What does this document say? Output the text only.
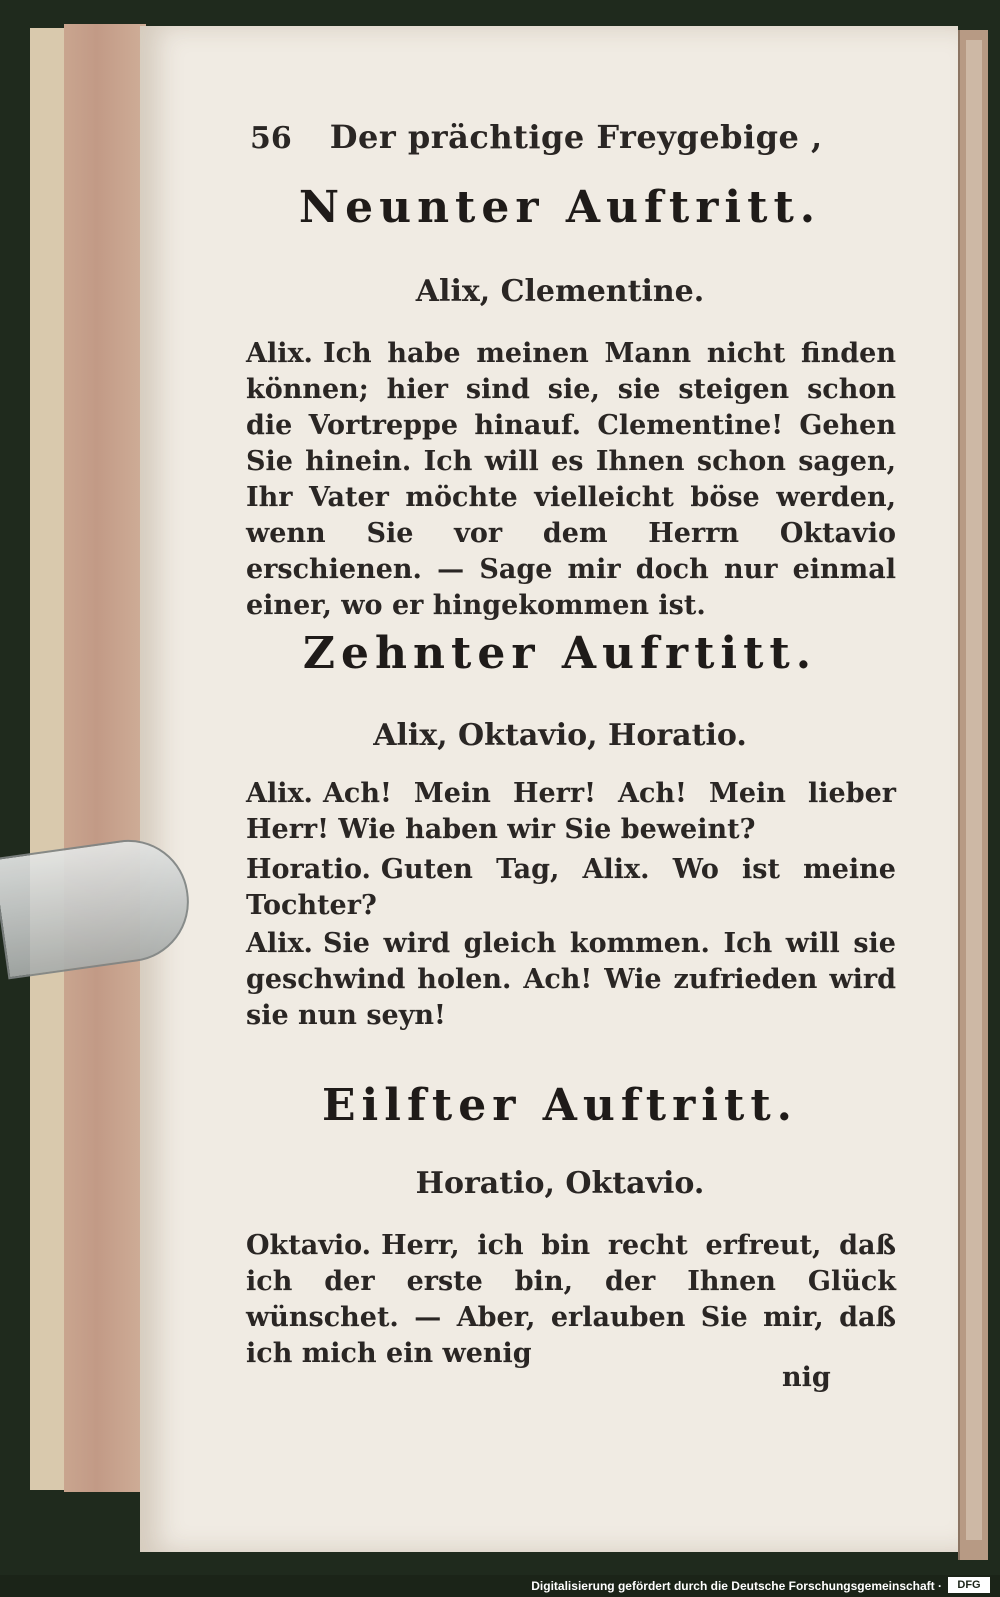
56 Der prächtige Freygebige ,
Neunter Auftritt.
Alix, Clementine.
Alix. Ich habe meinen Mann nicht finden können; hier sind sie, sie steigen schon die Vortreppe hinauf. Clementine! Gehen Sie hinein. Ich will es Ihnen schon sagen, Ihr Vater möchte vielleicht böse werden, wenn Sie vor dem Herrn Oktavio erschienen. — Sage mir doch nur einmal einer, wo er hingekommen ist.
Zehnter Aufrtitt.
Alix, Oktavio, Horatio.
Alix. Ach! Mein Herr! Ach! Mein lieber Herr! Wie haben wir Sie beweint?
Horatio. Guten Tag, Alix. Wo ist meine Tochter?
Alix. Sie wird gleich kommen. Ich will sie geschwind holen. Ach! Wie zufrieden wird sie nun seyn!
Eilfter Auftritt.
Horatio, Oktavio.
Oktavio. Herr, ich bin recht erfreut, daß ich der erste bin, der Ihnen Glück wünschet. — Aber, erlauben Sie mir, daß ich mich ein wenig
nig
Digitalisierung gefördert durch die Deutsche Forschungsgemeinschaft ·	DFG
